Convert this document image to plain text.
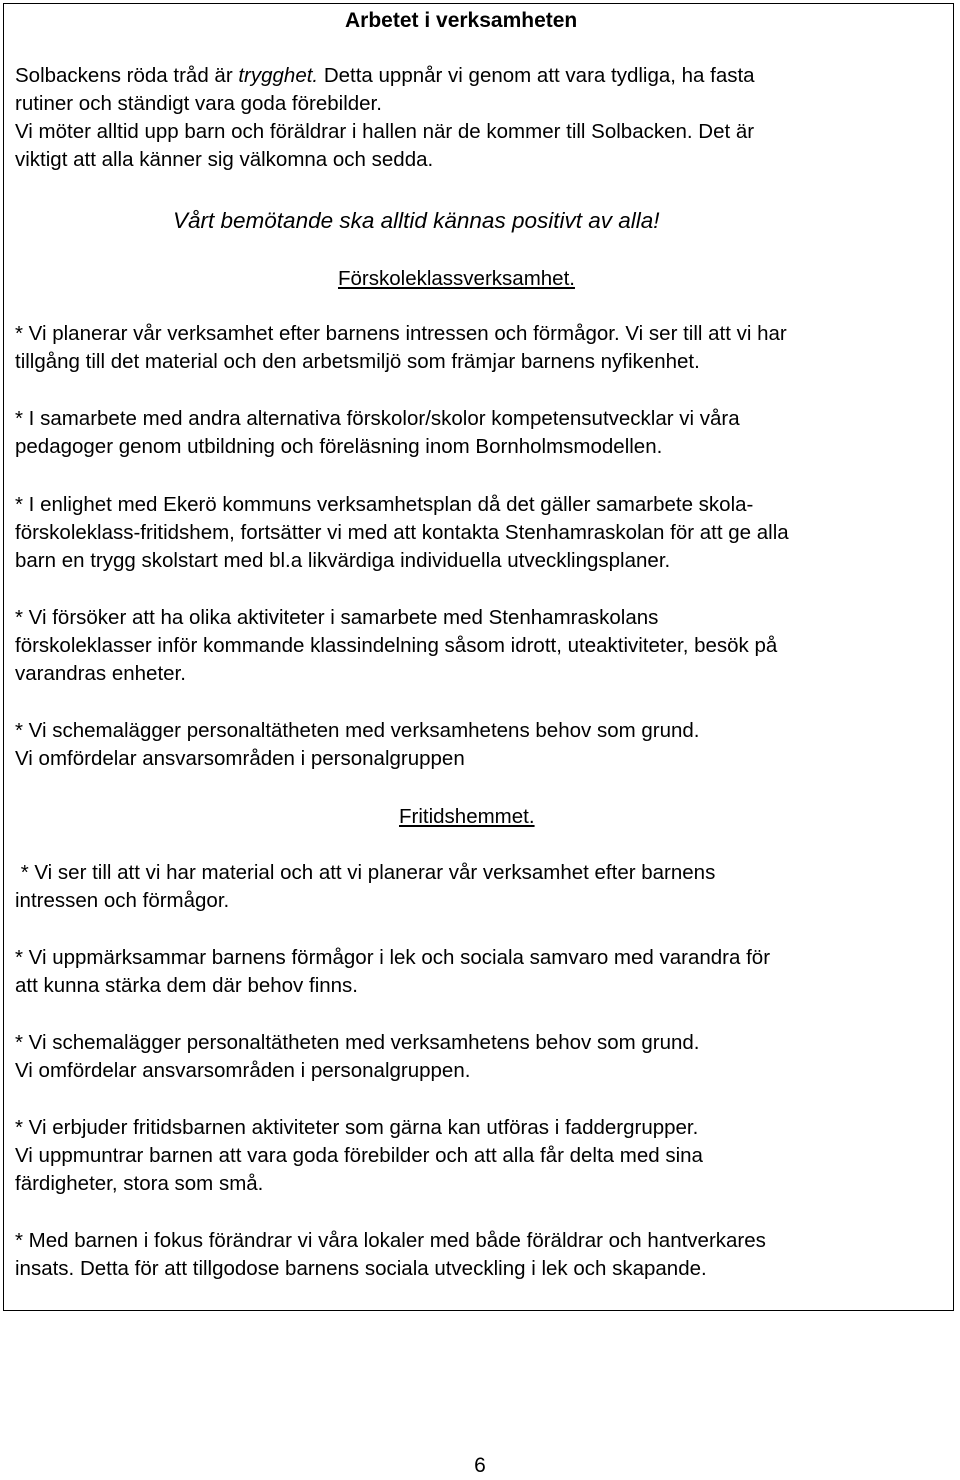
Arbetet i verksamheten
Solbackens röda tråd är trygghet. Detta uppnår vi genom att vara tydliga, ha fasta
rutiner och ständigt vara goda förebilder.
Vi möter alltid upp barn och föräldrar i hallen när de kommer till Solbacken. Det är
viktigt att alla känner sig välkomna och sedda.
Vårt bemötande ska alltid kännas positivt av alla!
Förskoleklassverksamhet.
* Vi planerar vår verksamhet efter barnens intressen och förmågor. Vi ser till att vi har
tillgång till det material och den arbetsmiljö som främjar barnens nyfikenhet.
* I samarbete med andra alternativa förskolor/skolor kompetensutvecklar vi våra
pedagoger genom utbildning och föreläsning inom Bornholmsmodellen.
* I enlighet med Ekerö kommuns verksamhetsplan då det gäller samarbete skola-
förskoleklass-fritidshem, fortsätter vi med att kontakta Stenhamraskolan för att ge alla
barn en trygg skolstart med bl.a likvärdiga individuella utvecklingsplaner.
* Vi försöker att ha olika aktiviteter i samarbete med Stenhamraskolans
förskoleklasser inför kommande klassindelning såsom idrott, uteaktiviteter, besök på
varandras enheter.
* Vi schemalägger personaltätheten med verksamhetens behov som grund.
Vi omfördelar ansvarsområden i personalgruppen
Fritidshemmet.
* Vi ser till att vi har material och att vi planerar vår verksamhet efter barnens
intressen och förmågor.
* Vi uppmärksammar barnens förmågor i lek och sociala samvaro med varandra för
att kunna stärka dem där behov finns.
* Vi schemalägger personaltätheten med verksamhetens behov som grund.
Vi omfördelar ansvarsområden i personalgruppen.
* Vi erbjuder fritidsbarnen aktiviteter som gärna kan utföras i faddergrupper.
Vi uppmuntrar barnen att vara goda förebilder och att alla får delta med sina
färdigheter, stora som små.
* Med barnen i fokus förändrar vi våra lokaler med både föräldrar och hantverkares
insats. Detta för att tillgodose barnens sociala utveckling i lek och skapande.
6
